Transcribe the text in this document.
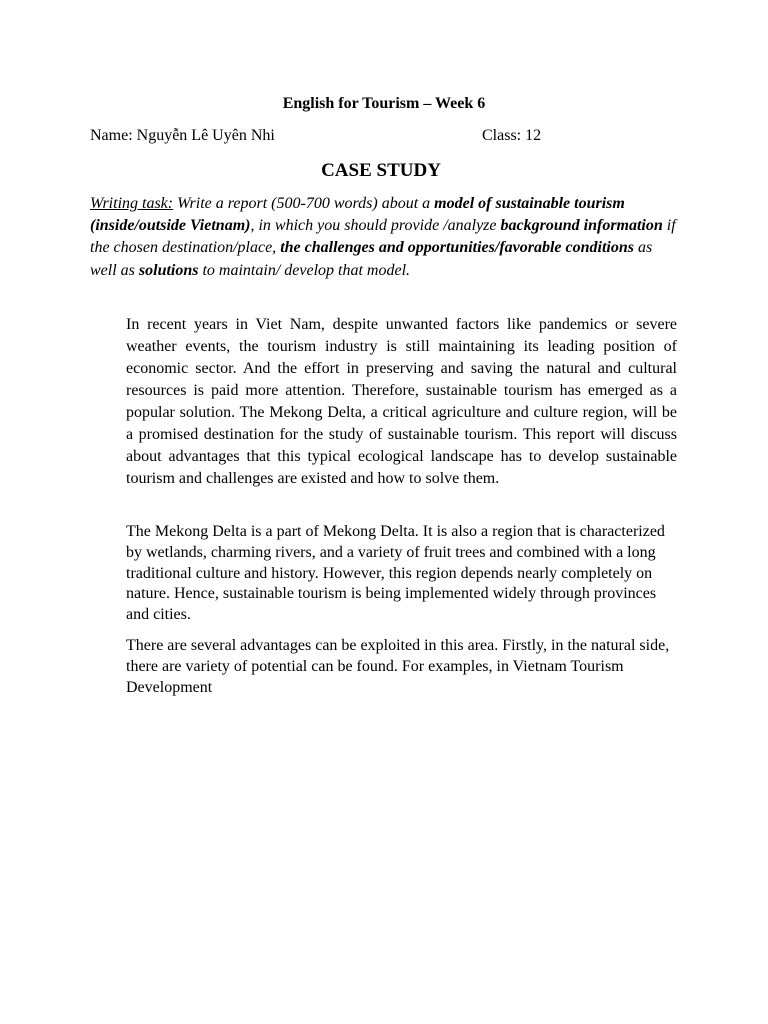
English for Tourism – Week 6
Name: Nguyễn Lê Uyên Nhi	Class: 12
CASE STUDY
Writing task: Write a report (500-700 words) about a model of sustainable tourism (inside/outside Vietnam), in which you should provide /analyze background information if the chosen destination/place, the challenges and opportunities/favorable conditions as well as solutions to maintain/ develop that model.

In recent years in Viet Nam, despite unwanted factors like pandemics or severe weather events, the tourism industry is still maintaining its leading position of economic sector. And the effort in preserving and saving the natural and cultural resources is paid more attention. Therefore, sustainable tourism has emerged as a popular solution. The Mekong Delta, a critical agriculture and culture region, will be a promised destination for the study of sustainable tourism. This report will discuss about advantages that this typical ecological landscape has to develop sustainable tourism and challenges are existed and how to solve them.

The Mekong Delta is a part of Mekong Delta. It is also a region that is characterized by wetlands, charming rivers, and a variety of fruit trees and combined with a long traditional culture and history. However, this region depends nearly completely on nature. Hence, sustainable tourism is being implemented widely through provinces and cities.

There are several advantages can be exploited in this area. Firstly, in the natural side, there are variety of potential can be found. For examples, in Vietnam Tourism Development
